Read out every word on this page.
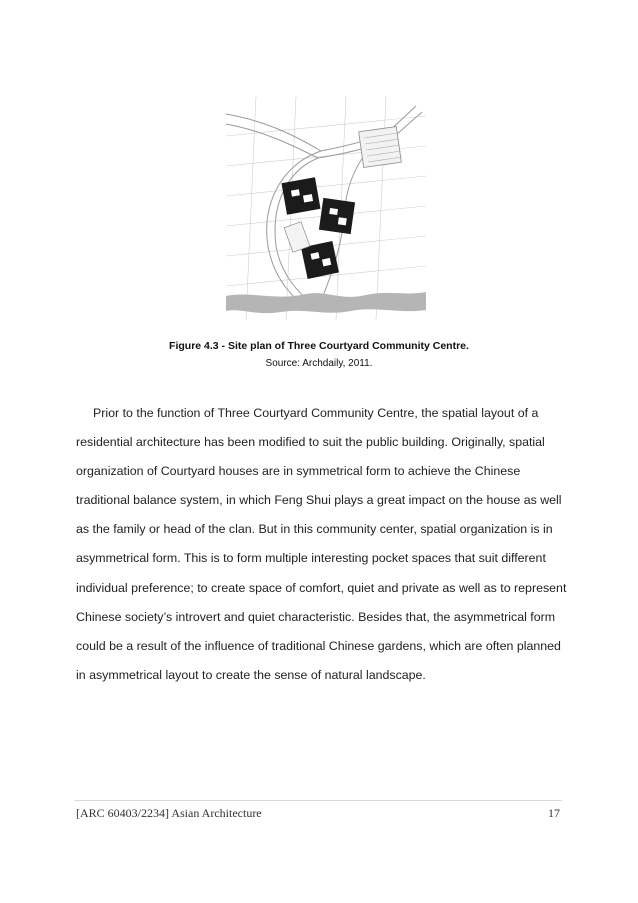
Figure 4.3 - Site plan of Three Courtyard Community Centre.
Source: Archdaily, 2011.
Prior to the function of Three Courtyard Community Centre, the spatial layout of a
residential architecture has been modified to suit the public building. Originally, spatial
organization of Courtyard houses are in symmetrical form to achieve the Chinese
traditional balance system, in which Feng Shui plays a great impact on the house as well
as the family or head of the clan. But in this community center, spatial organization is in
asymmetrical form. This is to form multiple interesting pocket spaces that suit different
individual preference; to create space of comfort, quiet and private as well as to represent
Chinese society’s introvert and quiet characteristic. Besides that, the asymmetrical form
could be a result of the influence of traditional Chinese gardens, which are often planned
in asymmetrical layout to create the sense of natural landscape.
[ARC 60403/2234] Asian Architecture	17
